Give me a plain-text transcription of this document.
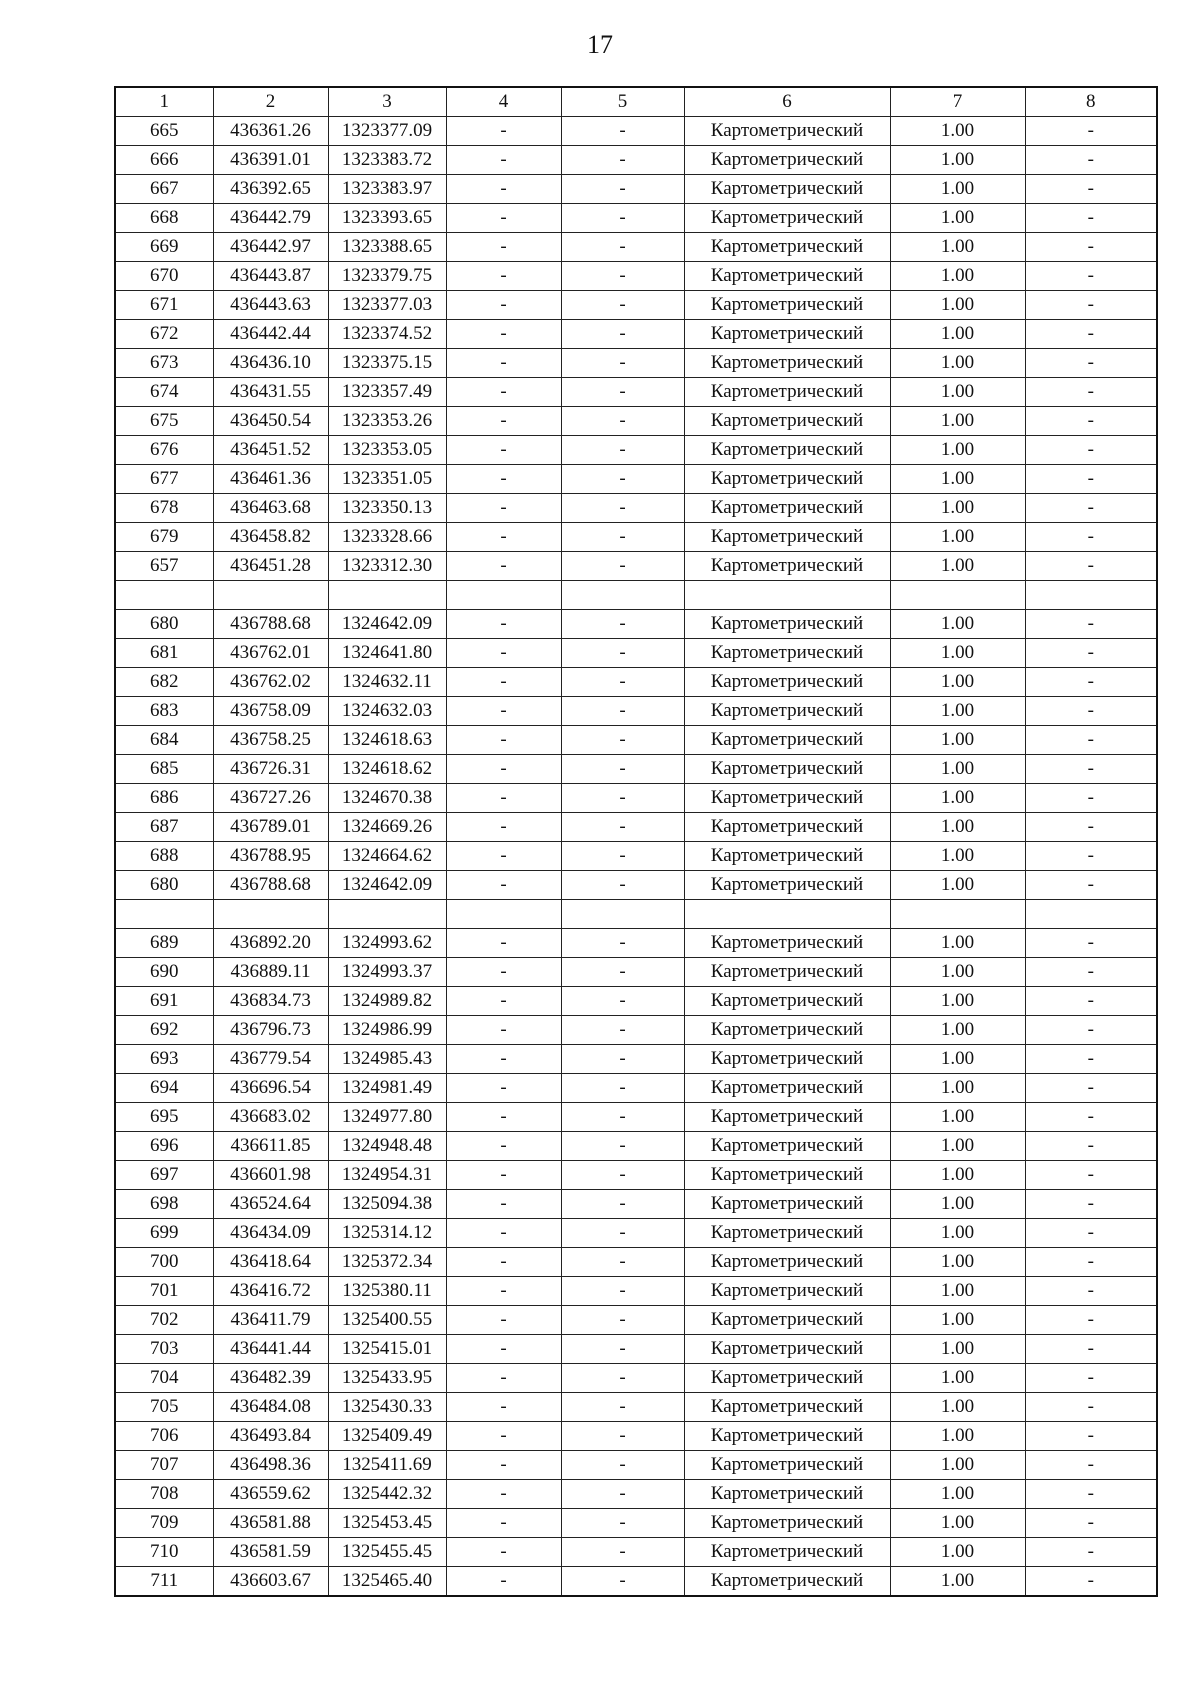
17
1	2	3	4	5	6	7	8
665	436361.26	1323377.09	-	-	Картометрический	1.00	-
666	436391.01	1323383.72	-	-	Картометрический	1.00	-
667	436392.65	1323383.97	-	-	Картометрический	1.00	-
668	436442.79	1323393.65	-	-	Картометрический	1.00	-
669	436442.97	1323388.65	-	-	Картометрический	1.00	-
670	436443.87	1323379.75	-	-	Картометрический	1.00	-
671	436443.63	1323377.03	-	-	Картометрический	1.00	-
672	436442.44	1323374.52	-	-	Картометрический	1.00	-
673	436436.10	1323375.15	-	-	Картометрический	1.00	-
674	436431.55	1323357.49	-	-	Картометрический	1.00	-
675	436450.54	1323353.26	-	-	Картометрический	1.00	-
676	436451.52	1323353.05	-	-	Картометрический	1.00	-
677	436461.36	1323351.05	-	-	Картометрический	1.00	-
678	436463.68	1323350.13	-	-	Картометрический	1.00	-
679	436458.82	1323328.66	-	-	Картометрический	1.00	-
657	436451.28	1323312.30	-	-	Картометрический	1.00	-

680	436788.68	1324642.09	-	-	Картометрический	1.00	-
681	436762.01	1324641.80	-	-	Картометрический	1.00	-
682	436762.02	1324632.11	-	-	Картометрический	1.00	-
683	436758.09	1324632.03	-	-	Картометрический	1.00	-
684	436758.25	1324618.63	-	-	Картометрический	1.00	-
685	436726.31	1324618.62	-	-	Картометрический	1.00	-
686	436727.26	1324670.38	-	-	Картометрический	1.00	-
687	436789.01	1324669.26	-	-	Картометрический	1.00	-
688	436788.95	1324664.62	-	-	Картометрический	1.00	-
680	436788.68	1324642.09	-	-	Картометрический	1.00	-

689	436892.20	1324993.62	-	-	Картометрический	1.00	-
690	436889.11	1324993.37	-	-	Картометрический	1.00	-
691	436834.73	1324989.82	-	-	Картометрический	1.00	-
692	436796.73	1324986.99	-	-	Картометрический	1.00	-
693	436779.54	1324985.43	-	-	Картометрический	1.00	-
694	436696.54	1324981.49	-	-	Картометрический	1.00	-
695	436683.02	1324977.80	-	-	Картометрический	1.00	-
696	436611.85	1324948.48	-	-	Картометрический	1.00	-
697	436601.98	1324954.31	-	-	Картометрический	1.00	-
698	436524.64	1325094.38	-	-	Картометрический	1.00	-
699	436434.09	1325314.12	-	-	Картометрический	1.00	-
700	436418.64	1325372.34	-	-	Картометрический	1.00	-
701	436416.72	1325380.11	-	-	Картометрический	1.00	-
702	436411.79	1325400.55	-	-	Картометрический	1.00	-
703	436441.44	1325415.01	-	-	Картометрический	1.00	-
704	436482.39	1325433.95	-	-	Картометрический	1.00	-
705	436484.08	1325430.33	-	-	Картометрический	1.00	-
706	436493.84	1325409.49	-	-	Картометрический	1.00	-
707	436498.36	1325411.69	-	-	Картометрический	1.00	-
708	436559.62	1325442.32	-	-	Картометрический	1.00	-
709	436581.88	1325453.45	-	-	Картометрический	1.00	-
710	436581.59	1325455.45	-	-	Картометрический	1.00	-
711	436603.67	1325465.40	-	-	Картометрический	1.00	-
